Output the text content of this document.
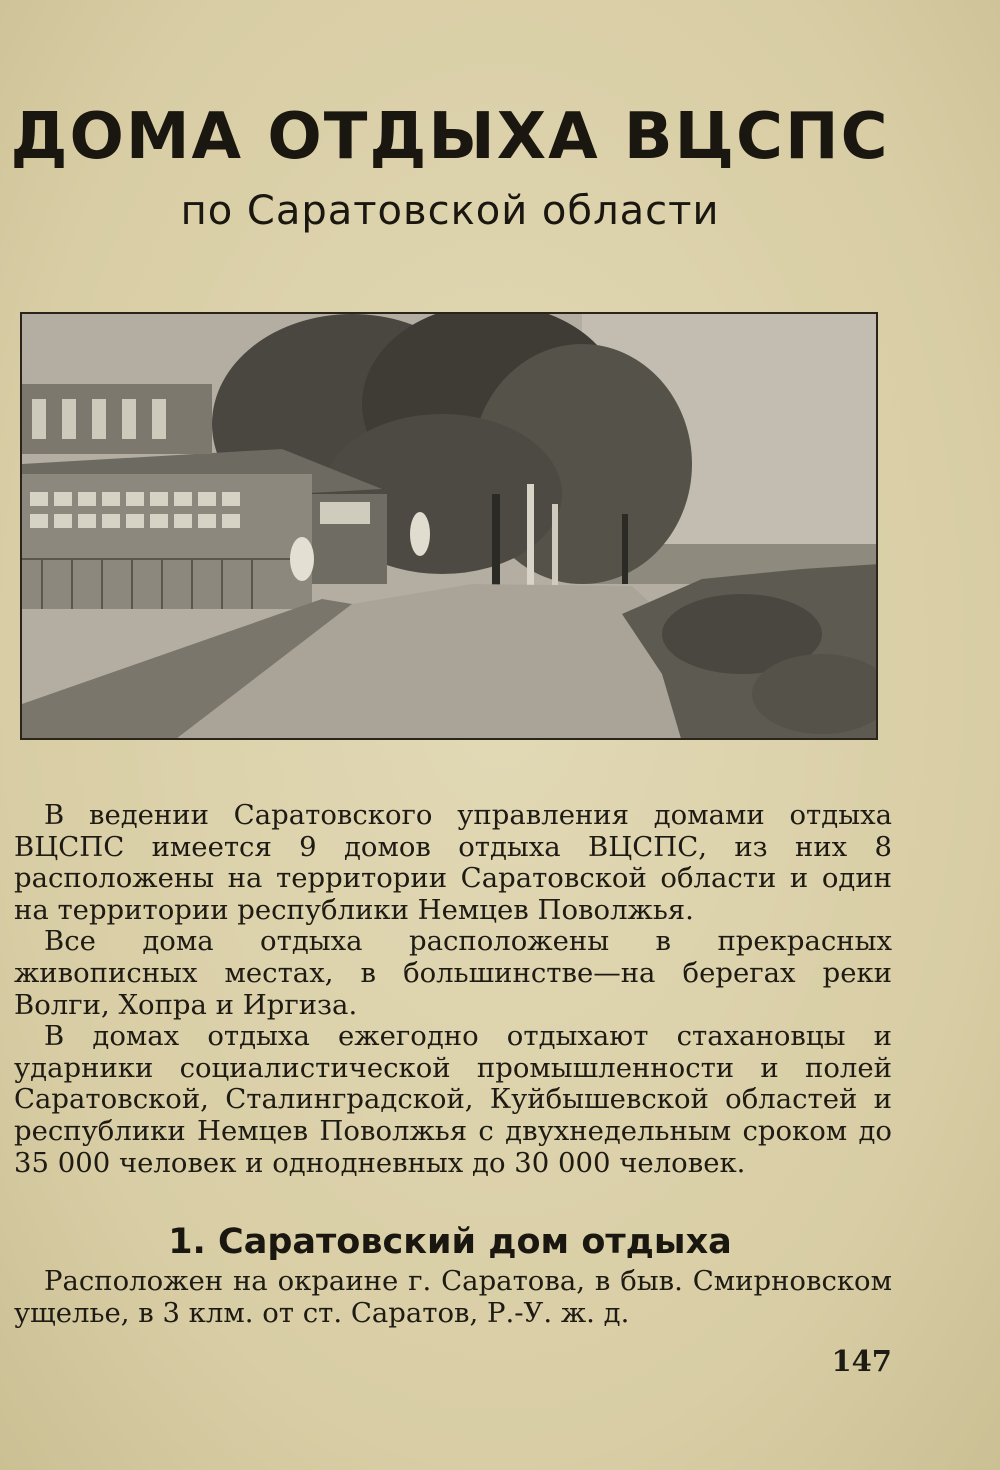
ДОМА ОТДЫХА ВЦСПС
по Саратовской области

В ведении Саратовского управления домами отдыха ВЦСПС имеется 9 домов отдыха ВЦСПС, из них 8 расположены на территории Саратовской области и один на территории республики Немцев Поволжья.

Все дома отдыха расположены в прекрасных живописных местах, в большинстве—на берегах реки Волги, Хопра и Иргиза.

В домах отдыха ежегодно отдыхают стахановцы и ударники социалистической промышленности и полей Саратовской, Сталинградской, Куйбышевской областей и республики Немцев Поволжья с двухнедельным сроком до 35 000 человек и однодневных до 30 000 человек.

1. Саратовский дом отдыха

Расположен на окраине г. Саратова, в быв. Смирновском ущелье, в 3 клм. от ст. Саратов, Р.-У. ж. д.

147
